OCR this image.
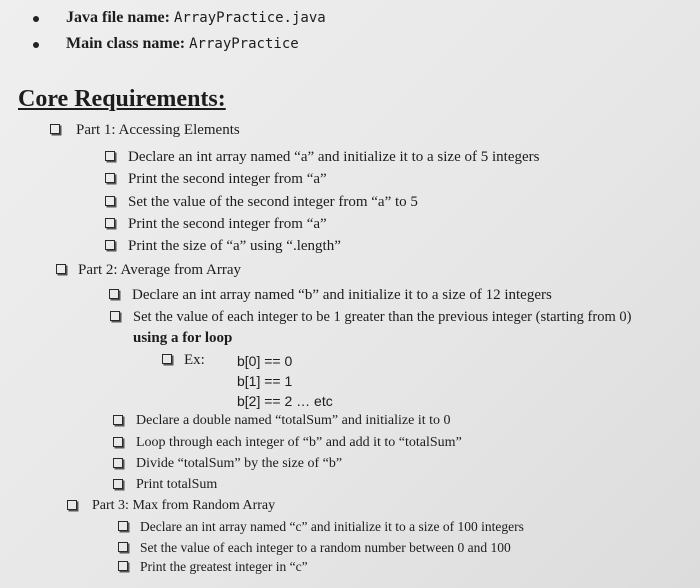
Java file name: ArrayPractice.java
Main class name: ArrayPractice
Core Requirements:
Part 1: Accessing Elements
Declare an int array named “a” and initialize it to a size of 5 integers
Print the second integer from “a”
Set the value of the second integer from “a” to 5
Print the second integer from “a”
Print the size of “a” using “.length”
Part 2: Average from Array
Declare an int array named “b” and initialize it to a size of 12 integers
Set the value of each integer to be 1 greater than the previous integer (starting from 0)
using a for loop
Ex: b[0] == 0
b[1] == 1
b[2] == 2 … etc
Declare a double named “totalSum” and initialize it to 0
Loop through each integer of “b” and add it to “totalSum”
Divide “totalSum” by the size of “b”
Print totalSum
Part 3: Max from Random Array
Declare an int array named “c” and initialize it to a size of 100 integers
Set the value of each integer to a random number between 0 and 100
Print the greatest integer in “c”
